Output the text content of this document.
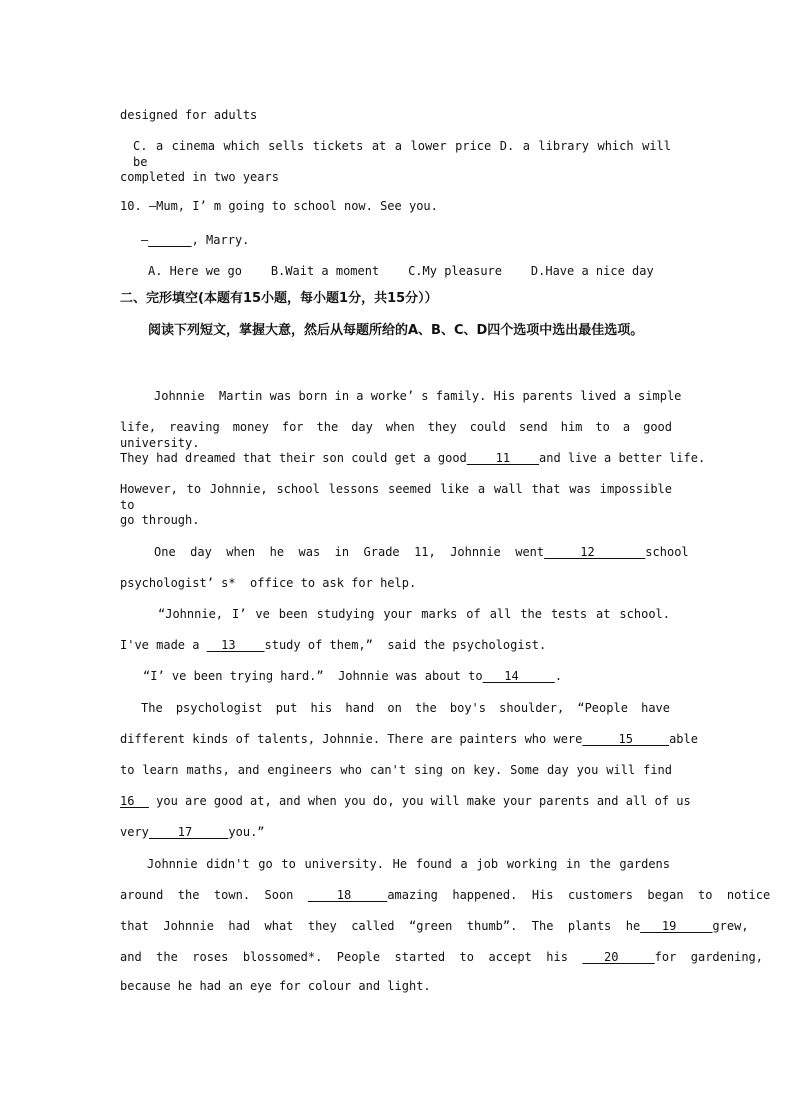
designed for adults
C. a cinema which sells tickets at a lower price D. a library which will be
completed in two years
10. —Mum, I’ m going to school now. See you.
—______, Marry.
A. Here we go    B.Wait a moment    C.My pleasure    D.Have a nice day
二、完形填空(本题有15小题，每小题1分，共15分））
阅读下列短文，掌握大意，然后从每题所给的A、B、C、D四个选项中选出最佳选项。
Johnnie  Martin was born in a worke’ s family. His parents lived a simple
life, reaving money for the day when they could send him to a good university.
They had dreamed that their son could get a good    11    and live a better life.
However, to Johnnie, school lessons seemed like a wall that was impossible to
go through.
One  day  when  he  was  in  Grade  11,  Johnnie  went     12       school
psychologist’ s*  office to ask for help.
“Johnnie, I’ ve been studying your marks of all the tests at school.
I've made a   13    study of them,”  said the psychologist.
“I’ ve been trying hard.”  Johnnie was about to   14     .
The psychologist put his hand on the boy's shoulder, “People have
different kinds of talents, Johnnie. There are painters who were     15     able
to learn maths, and engineers who can't sing on key. Some day you will find
16   you are good at, and when you do, you will make your parents and all of us
very    17     you.”
Johnnie didn't go to university. He found a job working in the gardens
around  the  town.  Soon      18     amazing  happened.  His  customers  began  to  notice
that  Johnnie  had  what  they  called  “green  thumb”.  The  plants  he   19     grew,
and  the  roses  blossomed*.  People  started  to  accept  his     20     for  gardening,
because he had an eye for colour and light.
